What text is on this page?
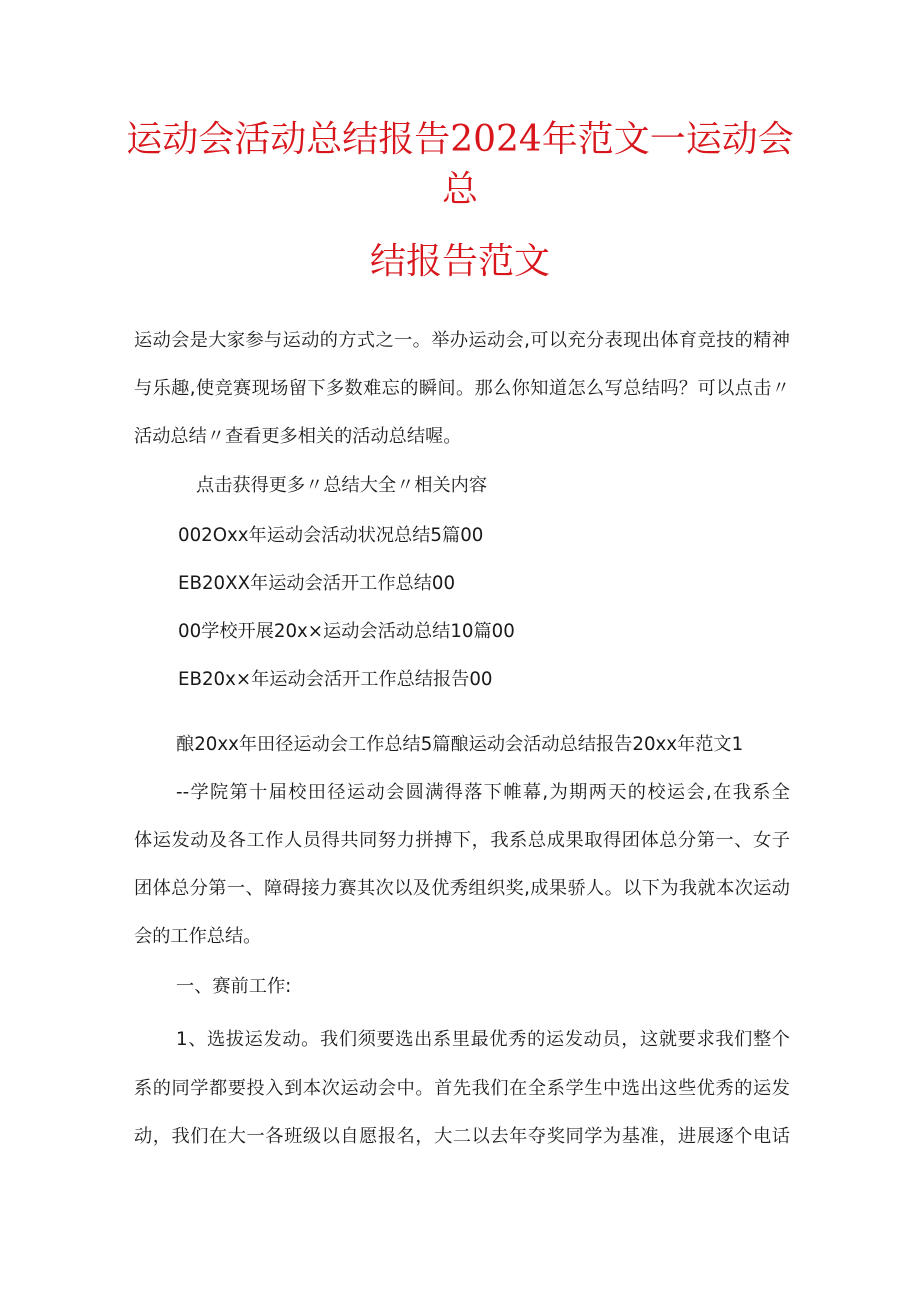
运动会活动总结报告2024年范文一运动会
总
结报告范文
运动会是大家参与运动的方式之一。举办运动会,可以充分表现出体育竞技的精神
与乐趣,使竞赛现场留下多数难忘的瞬间。那么你知道怎么写总结吗？可以点击〃
活动总结〃查看更多相关的活动总结喔。
点击获得更多〃总结大全〃相关内容
002Oxx年运动会活动状况总结5篇00
EB20XX年运动会活开工作总结00
00学校开展20x×运动会活动总结10篇00
EB20x×年运动会活开工作总结报告00
酿20xx年田径运动会工作总结5篇酿运动会活动总结报告20xx年范文1
--学院第十届校田径运动会圆满得落下帷幕,为期两天的校运会,在我系全
体运发动及各工作人员得共同努力拼搏下，我系总成果取得团体总分第一、女子
团体总分第一、障碍接力赛其次以及优秀组织奖,成果骄人。以下为我就本次运动
会的工作总结。
一、赛前工作:
1、选拔运发动。我们须要选出系里最优秀的运发动员，这就要求我们整个
系的同学都要投入到本次运动会中。首先我们在全系学生中选出这些优秀的运发
动，我们在大一各班级以自愿报名，大二以去年夺奖同学为基准，进展逐个电话
